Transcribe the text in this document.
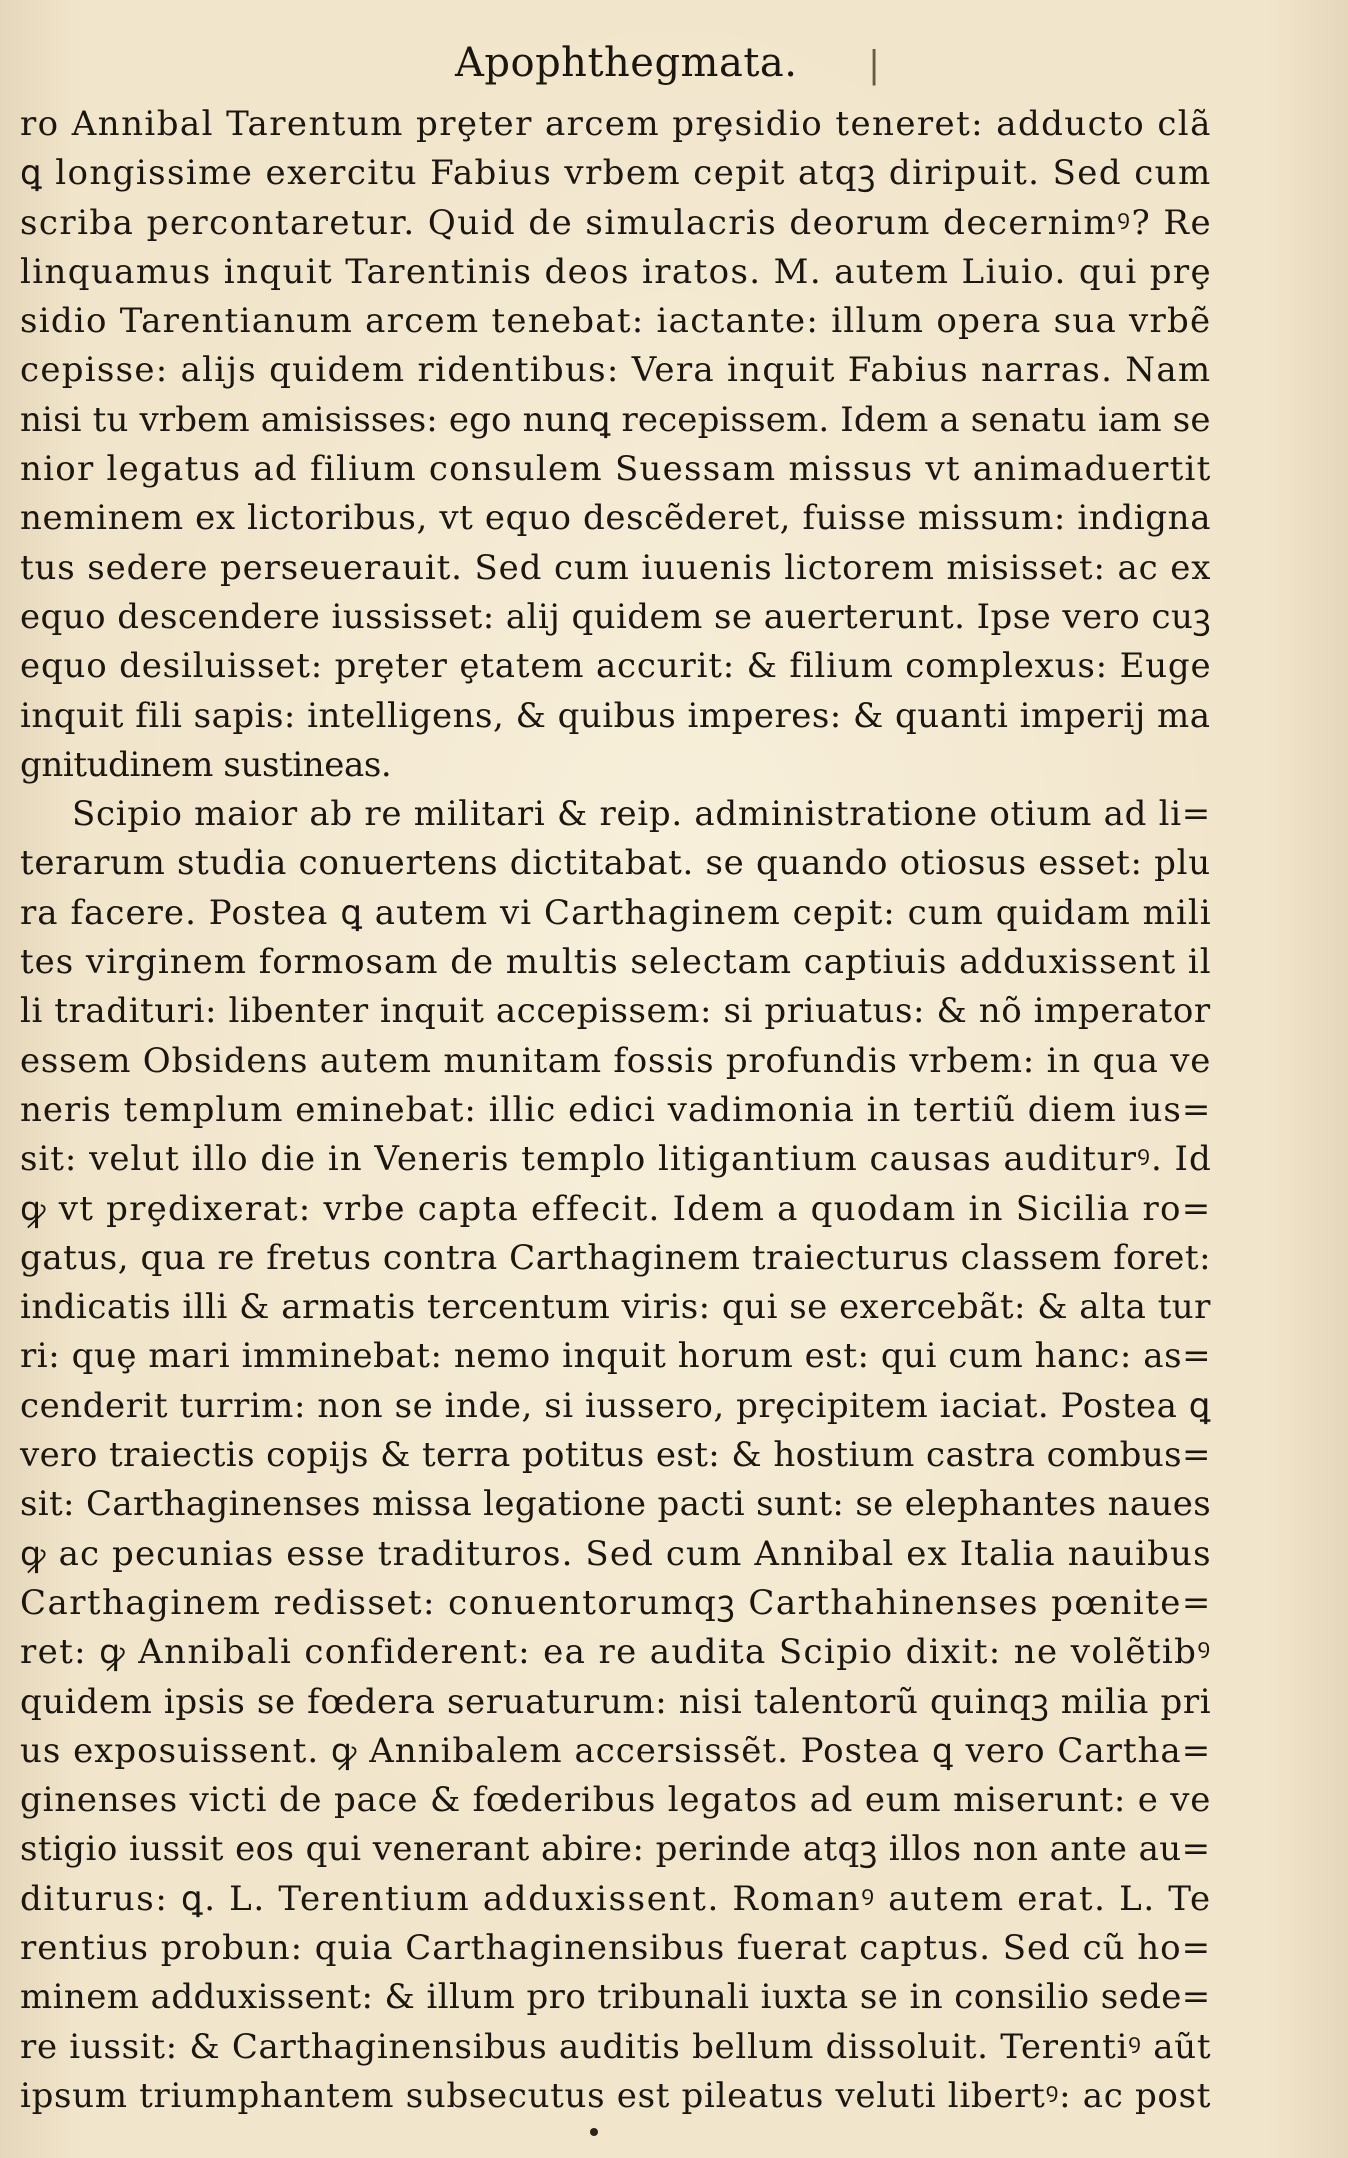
Apophthegmata. |
ro Annibal Tarentum prȩter arcem prȩsidio teneret: adducto clã
ꝗ longissime exercitu Fabius vrbem cepit atqꝫ diripuit. Sed cum
scriba percontaretur. Quid de simulacris deorum decernimꝰ? Re
linquamus inquit Tarentinis deos iratos. M. autem Liuio. qui prȩ
sidio Tarentianum arcem tenebat: iactante: illum opera sua vrbẽ
cepisse: alijs quidem ridentibus: Vera inquit Fabius narras. Nam
nisi tu vrbem amisisses: ego nunꝗ recepissem. Idem a senatu iam se
nior legatus ad filium consulem Suessam missus vt animaduertit
neminem ex lictoribus, vt equo descẽderet, fuisse missum: indigna
tus sedere perseuerauit. Sed cum iuuenis lictorem misisset: ac ex
equo descendere iussisset: alij quidem se auerterunt. Ipse vero cuꝫ
equo desiluisset: prȩter ȩtatem accurit: & filium complexus: Euge
inquit fili sapis: intelligens, & quibus imperes: & quanti imperij ma
gnitudinem sustineas.
Scipio maior ab re militari & reip. administratione otium ad li=
terarum studia conuertens dictitabat. se quando otiosus esset: plu
ra facere. Postea ꝗ autem vi Carthaginem cepit: cum quidam mili
tes virginem formosam de multis selectam captiuis adduxissent il
li tradituri: libenter inquit accepissem: si priuatus: & nõ imperator
essem Obsidens autem munitam fossis profundis vrbem: in qua ve
neris templum eminebat: illic edici vadimonia in tertiũ diem ius=
sit: velut illo die in Veneris templo litigantium causas auditurꝰ. Id
ꝙ vt prȩdixerat: vrbe capta effecit. Idem a quodam in Sicilia ro=
gatus, qua re fretus contra Carthaginem traiecturus classem foret:
indicatis illi & armatis tercentum viris: qui se exercebãt: & alta tur
ri: quȩ mari imminebat: nemo inquit horum est: qui cum hanc: as=
cenderit turrim: non se inde, si iussero, prȩcipitem iaciat. Postea ꝗ
vero traiectis copijs & terra potitus est: & hostium castra combus=
sit: Carthaginenses missa legatione pacti sunt: se elephantes naues
ꝙ ac pecunias esse tradituros. Sed cum Annibal ex Italia nauibus
Carthaginem redisset: conuentorumqꝫ Carthahinenses pœnite=
ret: ꝙ Annibali confiderent: ea re audita Scipio dixit: ne volẽtibꝰ
quidem ipsis se fœdera seruaturum: nisi talentorũ quinqꝫ milia pri
us exposuissent. ꝙ Annibalem accersissẽt. Postea ꝗ vero Cartha=
ginenses victi de pace & fœderibus legatos ad eum miserunt: e ve
stigio iussit eos qui venerant abire: perinde atqꝫ illos non ante au=
diturus: ꝗ. L. Terentium adduxissent. Romanꝰ autem erat. L. Te
rentius probun: quia Carthaginensibus fuerat captus. Sed cũ ho=
minem adduxissent: & illum pro tribunali iuxta se in consilio sede=
re iussit: & Carthaginensibus auditis bellum dissoluit. Terentiꝰ aũt
ipsum triumphantem subsecutus est pileatus veluti libertꝰ: ac post
